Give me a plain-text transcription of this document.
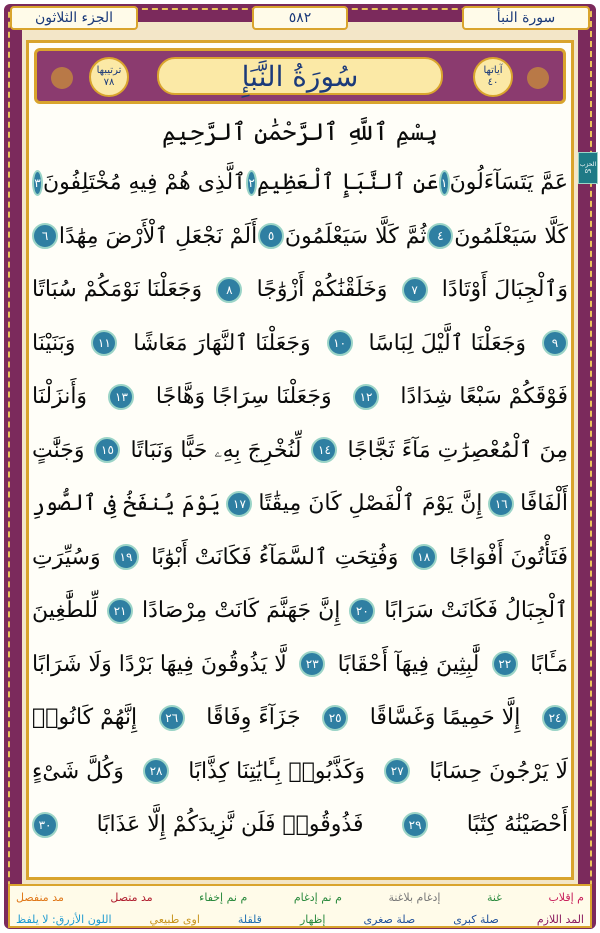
الجزء الثلاثون	٥٨٢	سورة النبأ
ترتيبها
٧٨	سُورَةُ النَّبَإِ	آياتها
٤٠
الحزب ٥٩
بِسْمِ ٱللَّهِ ٱلرَّحْمَٰنِ ٱلرَّحِيمِ
عَمَّ يَتَسَآءَلُونَ
١
عَنِ ٱلنَّبَإِ ٱلْعَظِيمِ
٢
ٱلَّذِى هُمْ فِيهِ مُخْتَلِفُونَ
٣
كَلَّا سَيَعْلَمُونَ
٤
ثُمَّ كَلَّا سَيَعْلَمُونَ
٥
أَلَمْ نَجْعَلِ ٱلْأَرْضَ مِهَٰدًا
٦
وَٱلْجِبَالَ أَوْتَادًا
٧
وَخَلَقْنَٰكُمْ أَزْوَٰجًا
٨
وَجَعَلْنَا نَوْمَكُمْ سُبَاتًا
٩
وَجَعَلْنَا ٱلَّيْلَ لِبَاسًا
١٠
وَجَعَلْنَا ٱلنَّهَارَ مَعَاشًا
١١
وَبَنَيْنَا
فَوْقَكُمْ سَبْعًا شِدَادًا
١٢
وَجَعَلْنَا سِرَاجًا وَهَّاجًا
١٣
وَأَنزَلْنَا
مِنَ ٱلْمُعْصِرَٰتِ مَآءً ثَجَّاجًا
١٤
لِّنُخْرِجَ بِهِۦ حَبًّا وَنَبَاتًا
١٥
وَجَنَّٰتٍ
أَلْفَافًا
١٦
إِنَّ يَوْمَ ٱلْفَصْلِ كَانَ مِيقَٰتًا
١٧
يَوْمَ يُنفَخُ فِى ٱلصُّورِ
فَتَأْتُونَ أَفْوَاجًا
١٨
وَفُتِحَتِ ٱلسَّمَآءُ فَكَانَتْ أَبْوَٰبًا
١٩
وَسُيِّرَتِ
ٱلْجِبَالُ فَكَانَتْ سَرَابًا
٢٠
إِنَّ جَهَنَّمَ كَانَتْ مِرْصَادًا
٢١
لِّلطَّٰغِينَ
مَـَٔابًا
٢٢
لَّٰبِثِينَ فِيهَآ أَحْقَابًا
٢٣
لَّا يَذُوقُونَ فِيهَا بَرْدًا وَلَا شَرَابًا
٢٤
إِلَّا حَمِيمًا وَغَسَّاقًا
٢٥
جَزَآءً وِفَاقًا
٢٦
إِنَّهُمْ كَانُوا۟
لَا يَرْجُونَ حِسَابًا
٢٧
وَكَذَّبُوا۟ بِـَٔايَٰتِنَا كِذَّابًا
٢٨
وَكُلَّ شَىْءٍ
أَحْصَيْنَٰهُ كِتَٰبًا
٢٩
فَذُوقُوا۟ فَلَن نَّزِيدَكُمْ إِلَّا عَذَابًا
٣٠
م إقلاب
غنة
إدغام بلاغنة
م نم إدغام
م نم إخفاء
مد متصل
مد منفصل
المد اللازم
صلة كبرى
صلة صغرى
إظهار
قلقلة
اوى طبيعي
اللون الأزرق: لا يلفظ
